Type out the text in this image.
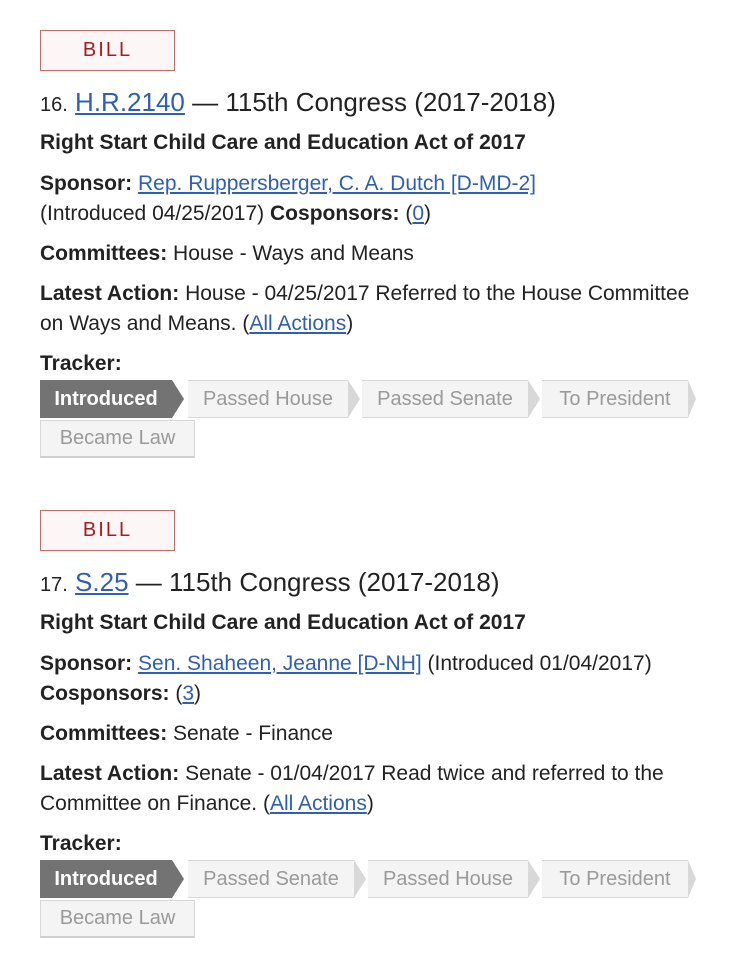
BILL
16. H.R.2140 — 115th Congress (2017-2018)
Right Start Child Care and Education Act of 2017
Sponsor: Rep. Ruppersberger, C. A. Dutch [D-MD-2]
(Introduced 04/25/2017) Cosponsors: (0)
Committees: House - Ways and Means
Latest Action: House - 04/25/2017 Referred to the House Committee on Ways and Means. (All Actions)
Tracker:
Introduced	Passed House	Passed Senate	To President
Became Law
BILL
17. S.25 — 115th Congress (2017-2018)
Right Start Child Care and Education Act of 2017
Sponsor: Sen. Shaheen, Jeanne [D-NH] (Introduced 01/04/2017) Cosponsors: (3)
Committees: Senate - Finance
Latest Action: Senate - 01/04/2017 Read twice and referred to the Committee on Finance. (All Actions)
Tracker:
Introduced	Passed Senate	Passed House	To President
Became Law
